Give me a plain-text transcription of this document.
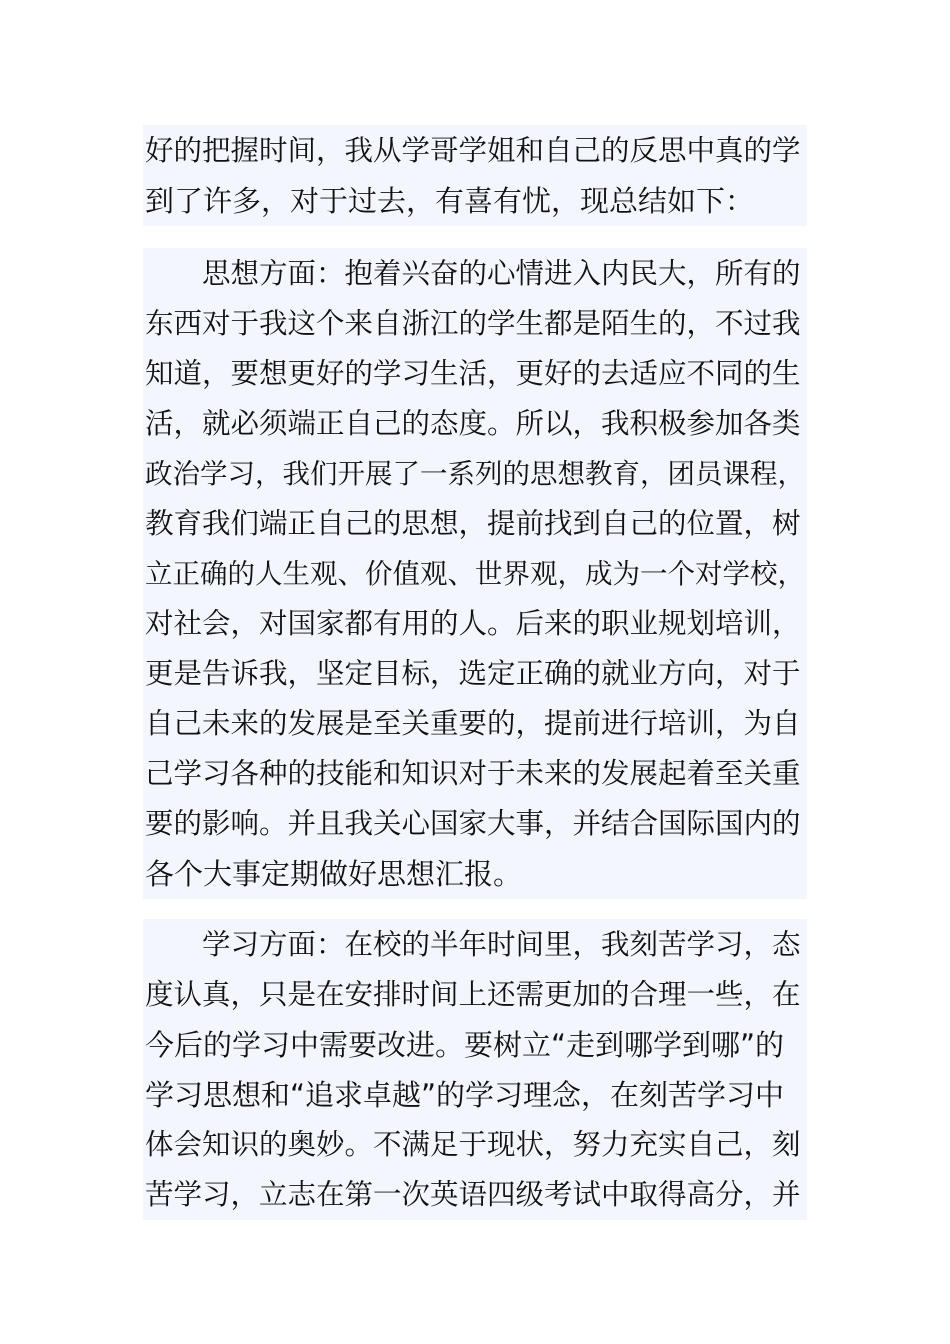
好的把握时间，我从学哥学姐和自己的反思中真的学
到了许多，对于过去，有喜有忧，现总结如下：
　　思想方面：抱着兴奋的心情进入内民大，所有的
东西对于我这个来自浙江的学生都是陌生的，不过我
知道，要想更好的学习生活，更好的去适应不同的生
活，就必须端正自己的态度。所以，我积极参加各类
政治学习，我们开展了一系列的思想教育，团员课程，
教育我们端正自己的思想，提前找到自己的位置，树
立正确的人生观、价值观、世界观，成为一个对学校，
对社会，对国家都有用的人。后来的职业规划培训，
更是告诉我，坚定目标，选定正确的就业方向，对于
自己未来的发展是至关重要的，提前进行培训，为自
己学习各种的技能和知识对于未来的发展起着至关重
要的影响。并且我关心国家大事，并结合国际国内的
各个大事定期做好思想汇报。
　　学习方面：在校的半年时间里，我刻苦学习，态
度认真，只是在安排时间上还需更加的合理一些，在
今后的学习中需要改进。要树立“走到哪学到哪”的
学习思想和“追求卓越”的学习理念，在刻苦学习中
体会知识的奥妙。不满足于现状，努力充实自己，刻
苦学习，立志在第一次英语四级考试中取得高分，并
